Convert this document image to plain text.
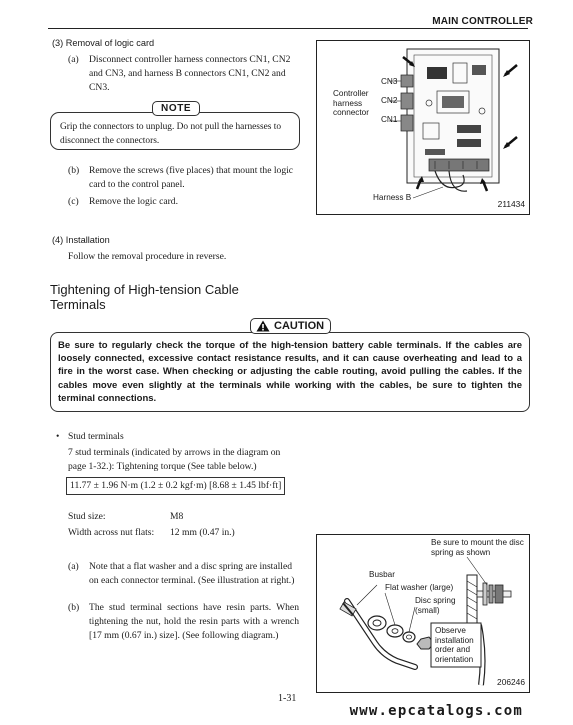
MAIN CONTROLLER
(3) Removal of logic card
(a) Disconnect controller harness connectors CN1, CN2 and CN3, and harness B connectors CN1, CN2 and CN3.
NOTE
Grip the connectors to unplug. Do not pull the harnesses to disconnect the connectors.
(b) Remove the screws (five places) that mount the logic card to the control panel.
(c) Remove the logic card.
Controller harness connector
CN3
CN2
CN1
Harness B
211434
(4) Installation
Follow the removal procedure in reverse.
Tightening of High-tension Cable Terminals
CAUTION
Be sure to regularly check the torque of the high-tension battery cable terminals. If the cables are loosely connected, excessive contact resistance results, and it can cause overheating and lead to a fire in the worst case. When checking or adjusting the cable routing, avoid pulling the cables. If the cables move even slightly at the terminals while working with the cables, be sure to tighten the terminal connections.
• Stud terminals
7 stud terminals (indicated by arrows in the diagram on page 1-32.): Tightening torque (See table below.)
11.77 ± 1.96 N·m (1.2 ± 0.2 kgf·m) [8.68 ± 1.45 lbf·ft]
Stud size:	M8
Width across nut flats: 12 mm (0.47 in.)
(a) Note that a flat washer and a disc spring are installed on each connector terminal. (See illustration at right.)
(b) The stud terminal sections have resin parts. When tightening the nut, hold the resin parts with a wrench [17 mm (0.67 in.) size]. (See following diagram.)
Be sure to mount the disc spring as shown
Busbar
Flat washer (large)
Disc spring (small)
Observe installation order and orientation
206246
1-31
www.epcatalogs.com
